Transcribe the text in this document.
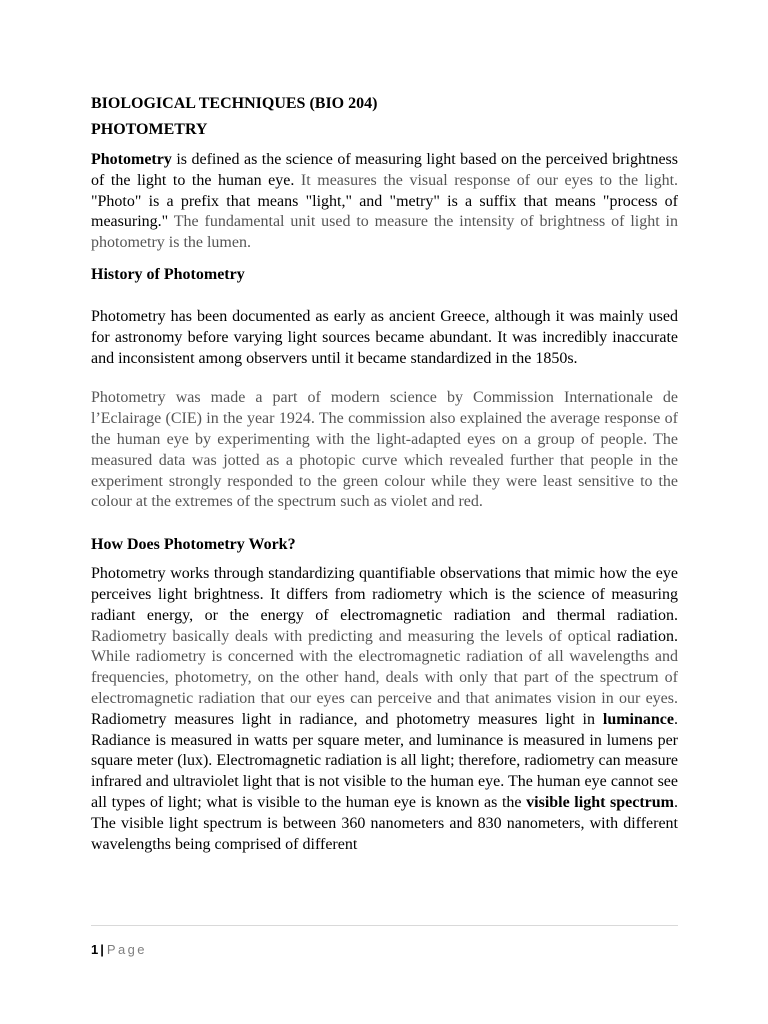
BIOLOGICAL TECHNIQUES (BIO 204)
PHOTOMETRY

Photometry is defined as the science of measuring light based on the perceived brightness of the light to the human eye. It measures the visual response of our eyes to the light. "Photo" is a prefix that means "light," and "metry" is a suffix that means "process of measuring." The fundamental unit used to measure the intensity of brightness of light in photometry is the lumen.

History of Photometry

Photometry has been documented as early as ancient Greece, although it was mainly used for astronomy before varying light sources became abundant. It was incredibly inaccurate and inconsistent among observers until it became standardized in the 1850s.

Photometry was made a part of modern science by Commission Internationale de l’Eclairage (CIE) in the year 1924. The commission also explained the average response of the human eye by experimenting with the light-adapted eyes on a group of people. The measured data was jotted as a photopic curve which revealed further that people in the experiment strongly responded to the green colour while they were least sensitive to the colour at the extremes of the spectrum such as violet and red.

How Does Photometry Work?

Photometry works through standardizing quantifiable observations that mimic how the eye perceives light brightness. It differs from radiometry which is the science of measuring radiant energy, or the energy of electromagnetic radiation and thermal radiation. Radiometry basically deals with predicting and measuring the levels of optical radiation. While radiometry is concerned with the electromagnetic radiation of all wavelengths and frequencies, photometry, on the other hand, deals with only that part of the spectrum of electromagnetic radiation that our eyes can perceive and that animates vision in our eyes. Radiometry measures light in radiance, and photometry measures light in luminance. Radiance is measured in watts per square meter, and luminance is measured in lumens per square meter (lux). Electromagnetic radiation is all light; therefore, radiometry can measure infrared and ultraviolet light that is not visible to the human eye. The human eye cannot see all types of light; what is visible to the human eye is known as the visible light spectrum. The visible light spectrum is between 360 nanometers and 830 nanometers, with different wavelengths being comprised of different

1 | Page
